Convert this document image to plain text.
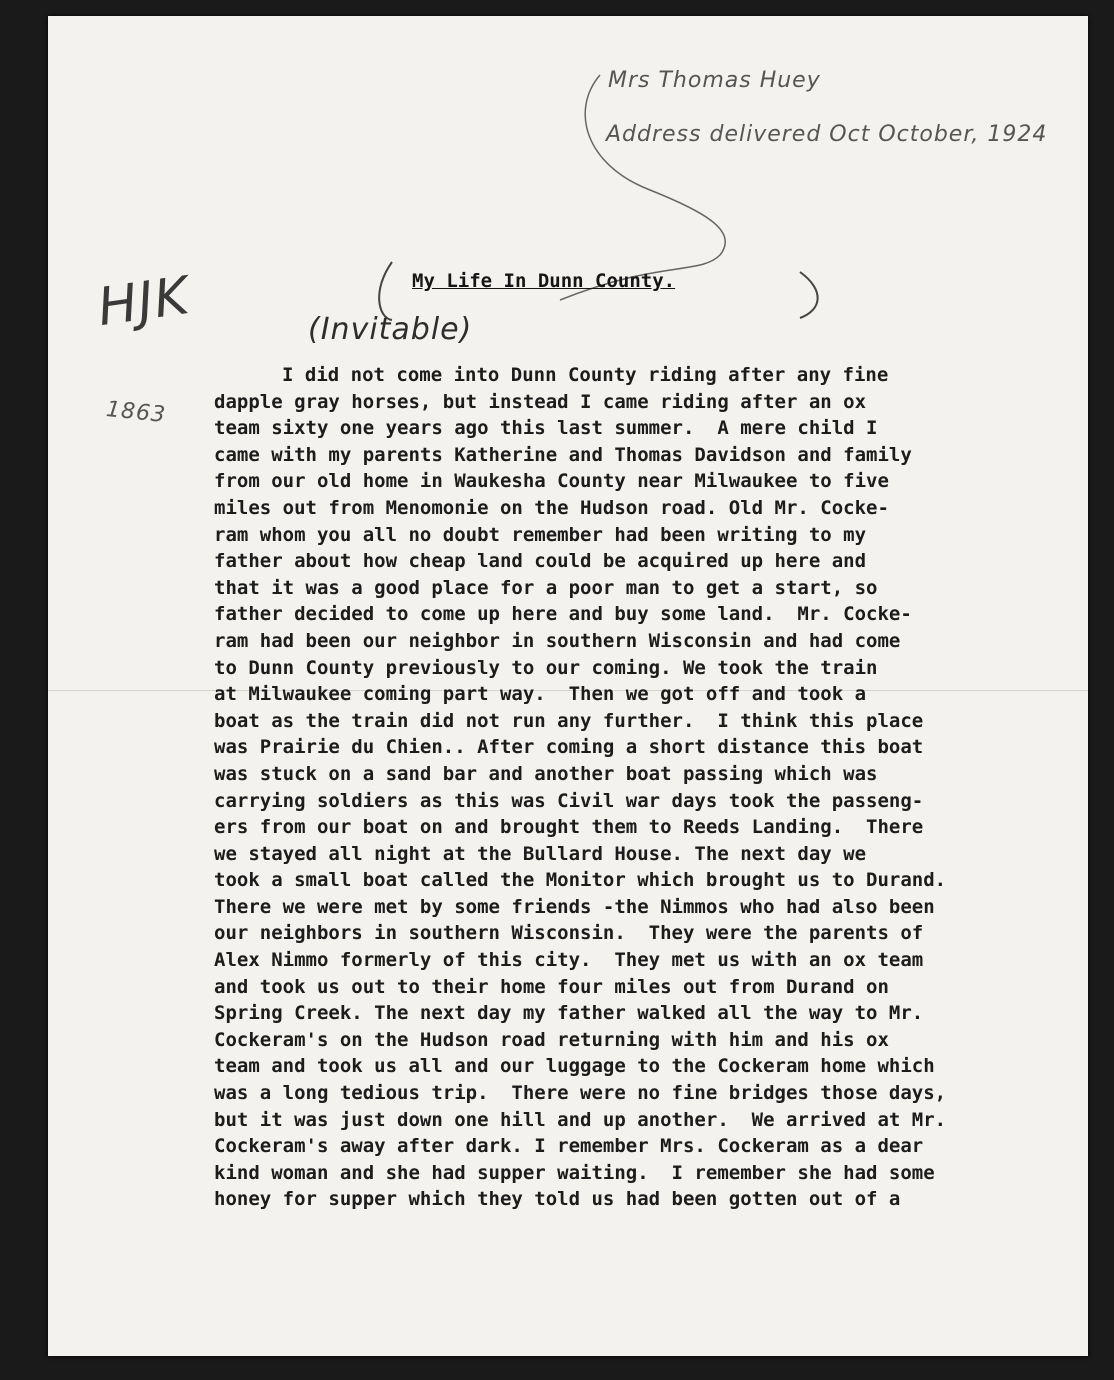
Mrs Thomas Huey
Address delivered Oct October, 1924
HJK
1863
(Invitable)
My Life In Dunn County.
I did not come into Dunn County riding after any fine
dapple gray horses, but instead I came riding after an ox
team sixty one years ago this last summer.  A mere child I
came with my parents Katherine and Thomas Davidson and family
from our old home in Waukesha County near Milwaukee to five
miles out from Menomonie on the Hudson road. Old Mr. Cocke-
ram whom you all no doubt remember had been writing to my
father about how cheap land could be acquired up here and
that it was a good place for a poor man to get a start, so
father decided to come up here and buy some land.  Mr. Cocke-
ram had been our neighbor in southern Wisconsin and had come
to Dunn County previously to our coming. We took the train
at Milwaukee coming part way.  Then we got off and took a
boat as the train did not run any further.  I think this place
was Prairie du Chien.. After coming a short distance this boat
was stuck on a sand bar and another boat passing which was
carrying soldiers as this was Civil war days took the passeng-
ers from our boat on and brought them to Reeds Landing.  There
we stayed all night at the Bullard House. The next day we
took a small boat called the Monitor which brought us to Durand.
There we were met by some friends -the Nimmos who had also been
our neighbors in southern Wisconsin.  They were the parents of
Alex Nimmo formerly of this city.  They met us with an ox team
and took us out to their home four miles out from Durand on
Spring Creek. The next day my father walked all the way to Mr.
Cockeram's on the Hudson road returning with him and his ox
team and took us all and our luggage to the Cockeram home which
was a long tedious trip.  There were no fine bridges those days,
but it was just down one hill and up another.  We arrived at Mr.
Cockeram's away after dark. I remember Mrs. Cockeram as a dear
kind woman and she had supper waiting.  I remember she had some
honey for supper which they told us had been gotten out of a
